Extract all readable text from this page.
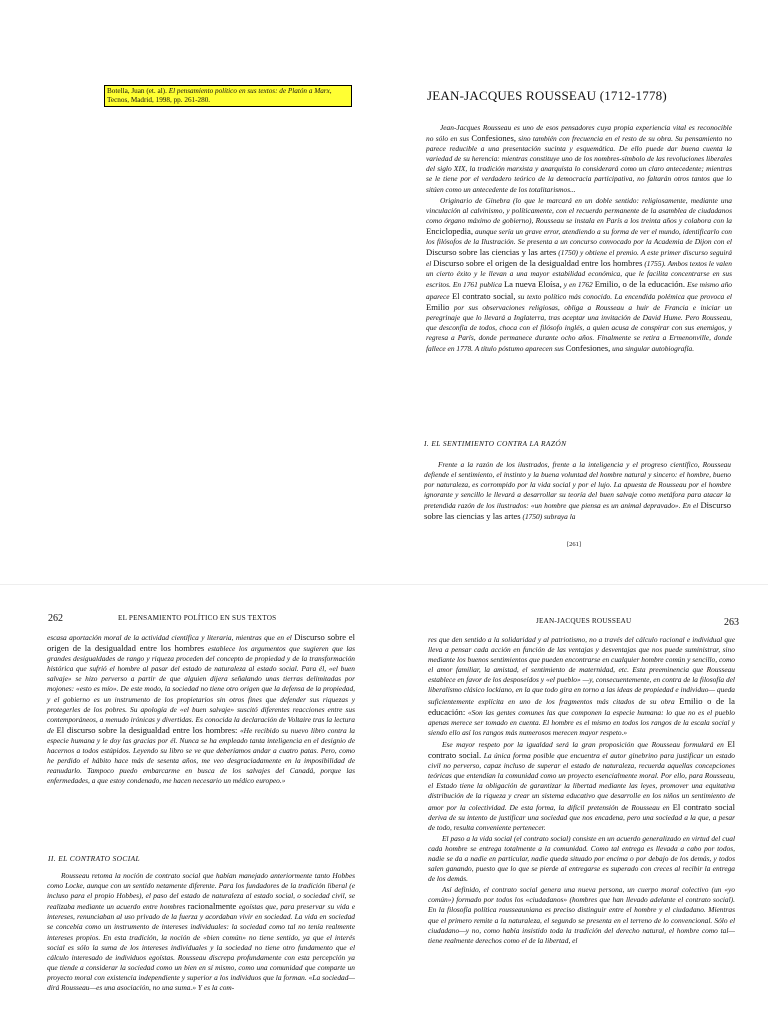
Botella, Juan (et. al). El pensamiento político en sus textos: de Platón a Marx, Tecnos, Madrid, 1998, pp. 261-280.	JEAN-JACQUES ROUSSEAU (1712-1778)

Jean-Jacques Rousseau es uno de esos pensadores cuya propia experiencia vital es reconocible no sólo en sus Confesiones, sino también con frecuencia en el resto de su obra. Su pensamiento no parece reducible a una presentación sucinta y esquemática. De ello puede dar buena cuenta la variedad de su herencia: mientras constituye uno de los nombres-símbolo de las revoluciones liberales del siglo XIX, la tradición marxista y anarquista lo considerará como un claro antecedente; mientras se le tiene por el verdadero teórico de la democracia participativa, no faltarán otros tantos que lo sitúen como un antecedente de los totalitarismos...

Originario de Ginebra (lo que le marcará en un doble sentido: religiosamente, mediante una vinculación al calvinismo, y políticamente, con el recuerdo permanente de la asamblea de ciudadanos como órgano máximo de gobierno), Rousseau se instala en París a los treinta años y colabora con la Enciclopedia, aunque sería un grave error, atendiendo a su forma de ver el mundo, identificarlo con los filósofos de la Ilustración. Se presenta a un concurso convocado por la Academia de Dijon con el Discurso sobre las ciencias y las artes (1750) y obtiene el premio. A este primer discurso seguirá el Discurso sobre el origen de la desigualdad entre los hombres (1755). Ambos textos le valen un cierto éxito y le llevan a una mayor estabilidad económica, que le facilita concentrarse en sus escritos. En 1761 publica La nueva Eloísa, y en 1762 Emilio, o de la educación. Ese mismo año aparece El contrato social, su texto político más conocido. La encendida polémica que provoca el Emilio por sus observaciones religiosas, obliga a Rousseau a huir de Francia e iniciar un peregrinaje que lo llevará a Inglaterra, tras aceptar una invitación de David Hume. Pero Rousseau, que desconfía de todos, choca con el filósofo inglés, a quien acusa de conspirar con sus enemigos, y regresa a París, donde permanece durante ocho años. Finalmente se retira a Ermenonville, donde fallece en 1778. A título póstumo aparecen sus Confesiones, una singular autobiografía.

I. EL SENTIMIENTO CONTRA LA RAZÓN

Frente a la razón de los ilustrados, frente a la inteligencia y el progreso científico, Rousseau defiende el sentimiento, el instinto y la buena voluntad del hombre natural y sincero: el hombre, bueno por naturaleza, es corrompido por la vida social y por el lujo. La apuesta de Rousseau por el hombre ignorante y sencillo le llevará a desarrollar su teoría del buen salvaje como metáfora para atacar la pretendida razón de los ilustrados: «un hombre que piensa es un animal depravado». En el Discurso sobre las ciencias y las artes (1750) subraya la

[261]
262	EL PENSAMIENTO POLÍTICO EN SUS TEXTOS

escasa aportación moral de la actividad científica y literaria, mientras que en el Discurso sobre el origen de la desigualdad entre los hombres establece los argumentos que sugieren que las grandes desigualdades de rango y riqueza proceden del concepto de propiedad y de la transformación histórica que sufrió el hombre al pasar del estado de naturaleza al estado social. Para él, «el buen salvaje» se hizo perverso a partir de que alguien dijera señalando unas tierras delimitadas por mojones: «esto es mío». De este modo, la sociedad no tiene otro origen que la defensa de la propiedad, y el gobierno es un instrumento de los propietarios sin otros fines que defender sus riquezas y protegerles de los pobres. Su apología de «el buen salvaje» suscitó diferentes reacciones entre sus contemporáneos, a menudo irónicas y divertidas. Es conocida la declaración de Voltaire tras la lectura de El discurso sobre la desigualdad entre los hombres: «He recibido su nuevo libro contra la especie humana y le doy las gracias por él. Nunca se ha empleado tanta inteligencia en el designio de hacernos a todos estúpidos. Leyendo su libro se ve que deberíamos andar a cuatro patas. Pero, como he perdido el hábito hace más de sesenta años, me veo desgraciadamente en la imposibilidad de reanudarlo. Tampoco puedo embarcarme en busca de los salvajes del Canadá, porque las enfermedades, a que estoy condenado, me hacen necesario un médico europeo.»

II. EL CONTRATO SOCIAL

Rousseau retoma la noción de contrato social que habían manejado anteriormente tanto Hobbes como Locke, aunque con un sentido netamente diferente. Para los fundadores de la tradición liberal (e incluso para el propio Hobbes), el paso del estado de naturaleza al estado social, o sociedad civil, se realizaba mediante un acuerdo entre hombres racionalmente egoístas que, para preservar su vida e intereses, renunciaban al uso privado de la fuerza y acordaban vivir en sociedad. La vida en sociedad se concebía como un instrumento de intereses individuales: la sociedad como tal no tenía realmente intereses propios. En esta tradición, la noción de «bien común» no tiene sentido, ya que el interés social es sólo la suma de los intereses individuales y la sociedad no tiene otro fundamento que el cálculo interesado de individuos egoístas. Rousseau discrepa profundamente con esta percepción ya que tiende a considerar la sociedad como un bien en sí mismo, como una comunidad que comparte un proyecto moral con existencia independiente y superior a los individuos que la forman. «La sociedad—dirá Rousseau—es una asociación, no una suma.» Y es la com-

JEAN-JACQUES ROUSSEAU	263

res que den sentido a la solidaridad y al patriotismo, no a través del cálculo racional e individual que lleva a pensar cada acción en función de las ventajas y desventajas que nos puede suministrar, sino mediante los buenos sentimientos que pueden encontrarse en cualquier hombre común y sencillo, como el amor familiar, la amistad, el sentimiento de maternidad, etc. Esta preeminencia que Rousseau establece en favor de los desposeídos y «el pueblo» —y, consecuentemente, en contra de la filosofía del liberalismo clásico lockiano, en la que todo gira en torno a las ideas de propiedad e individuo— queda suficientemente explícita en uno de los fragmentos más citados de su obra Emilio o de la educación: «Son las gentes comunes las que componen la especie humana: lo que no es el pueblo apenas merece ser tomado en cuenta. El hombre es el mismo en todos los rangos de la escala social y siendo ello así los rangos más numerosos merecen mayor respeto.»

Ese mayor respeto por la igualdad será la gran proposición que Rousseau formulará en El contrato social. La única forma posible que encuentra el autor ginebrino para justificar un estado civil no perverso, capaz incluso de superar el estado de naturaleza, recuerda aquellas concepciones teóricas que entendían la comunidad como un proyecto esencialmente moral. Por ello, para Rousseau, el Estado tiene la obligación de garantizar la libertad mediante las leyes, promover una equitativa distribución de la riqueza y crear un sistema educativo que desarrolle en los niños un sentimiento de amor por la colectividad. De esta forma, la difícil pretensión de Rousseau en El contrato social deriva de su intento de justificar una sociedad que nos encadena, pero una sociedad a la que, a pesar de todo, resulta conveniente pertenecer.

El paso a la vida social (el contrato social) consiste en un acuerdo generalizado en virtud del cual cada hombre se entrega totalmente a la comunidad. Como tal entrega es llevada a cabo por todos, nadie se da a nadie en particular, nadie queda situado por encima o por debajo de los demás, y todos salen ganando, puesto que lo que se pierde al entregarse es superado con creces al recibir la entrega de los demás.

Así definido, el contrato social genera una nueva persona, un cuerpo moral colectivo (un «yo común») formado por todos los «ciudadanos» (hombres que han llevado adelante el contrato social). En la filosofía política rousseauniana es preciso distinguir entre el hombre y el ciudadano. Mientras que el primero remite a la naturaleza, el segundo se presenta en el terreno de lo convencional. Sólo el ciudadano—y no, como había insistido toda la tradición del derecho natural, el hombre como tal— tiene realmente derechos como el de la libertad, el
